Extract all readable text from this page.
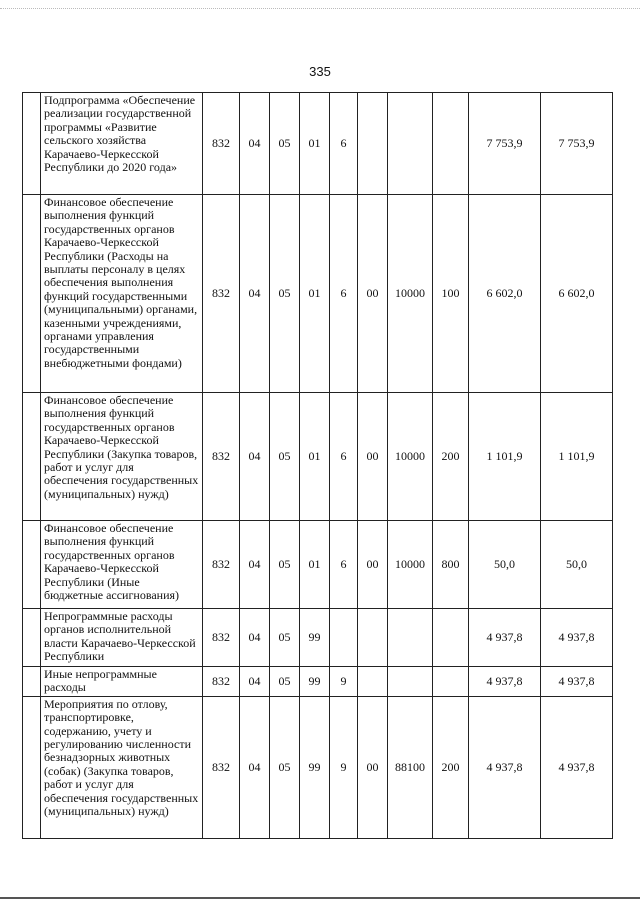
335
	Подпрограмма «Обеспечение реализации государственной программы «Развитие сельского хозяйства Карачаево-Черкесской Республики до 2020 года»	832	04	05	01	6				7 753,9	7 753,9
	Финансовое обеспечение выполнения функций государственных органов Карачаево-Черкесской Республики (Расходы на выплаты персоналу в целях обеспечения выполнения функций государственными (муниципальными) органами, казенными учреждениями, органами управления государственными внебюджетными фондами)	832	04	05	01	6	00	10000	100	6 602,0	6 602,0
	Финансовое обеспечение выполнения функций государственных органов Карачаево-Черкесской Республики (Закупка товаров, работ и услуг для обеспечения государственных (муниципальных) нужд)	832	04	05	01	6	00	10000	200	1 101,9	1 101,9
	Финансовое обеспечение выполнения функций государственных органов Карачаево-Черкесской Республики (Иные бюджетные ассигнования)	832	04	05	01	6	00	10000	800	50,0	50,0
	Непрограммные расходы органов исполнительной власти Карачаево-Черкесской Республики	832	04	05	99					4 937,8	4 937,8
	Иные непрограммные расходы	832	04	05	99	9				4 937,8	4 937,8
	Мероприятия по отлову, транспортировке, содержанию, учету и регулированию численности безнадзорных животных (собак) (Закупка товаров, работ и услуг для обеспечения государственных (муниципальных) нужд)	832	04	05	99	9	00	88100	200	4 937,8	4 937,8
